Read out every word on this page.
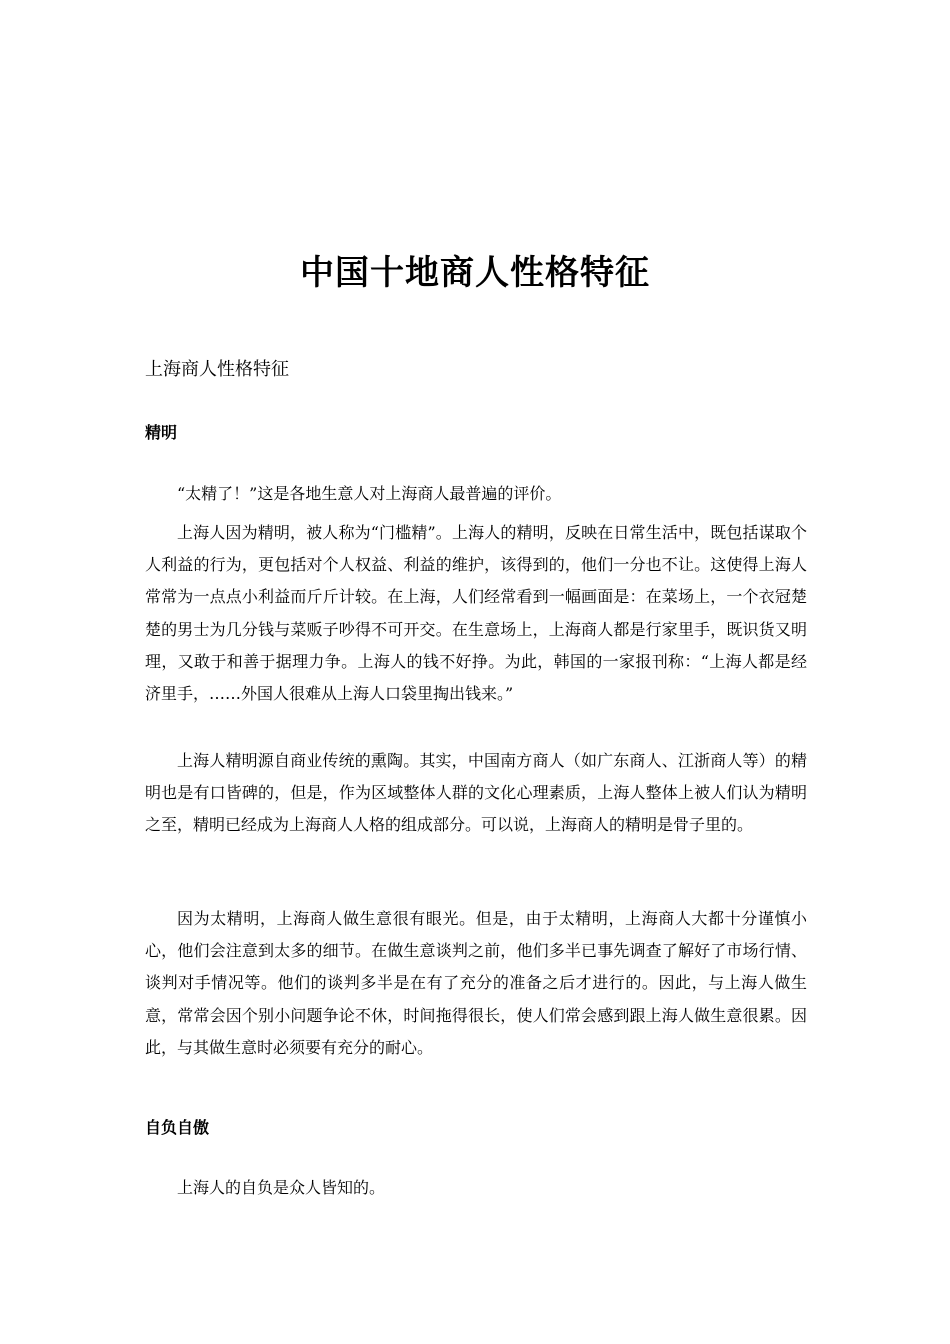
中国十地商人性格特征
上海商人性格特征
精明

“太精了！”这是各地生意人对上海商人最普遍的评价。

上海人因为精明，被人称为“门槛精”。上海人的精明，反映在日常生活中，既包括谋取个人利益的行为，更包括对个人权益、利益的维护，该得到的，他们一分也不让。这使得上海人常常为一点点小利益而斤斤计较。在上海，人们经常看到一幅画面是：在菜场上，一个衣冠楚楚的男士为几分钱与菜贩子吵得不可开交。在生意场上，上海商人都是行家里手，既识货又明理，又敢于和善于据理力争。上海人的钱不好挣。为此，韩国的一家报刊称：“上海人都是经济里手，……外国人很难从上海人口袋里掏出钱来。”

上海人精明源自商业传统的熏陶。其实，中国南方商人（如广东商人、江浙商人等）的精明也是有口皆碑的，但是，作为区域整体人群的文化心理素质，上海人整体上被人们认为精明之至，精明已经成为上海商人人格的组成部分。可以说，上海商人的精明是骨子里的。

因为太精明，上海商人做生意很有眼光。但是，由于太精明，上海商人大都十分谨慎小心，他们会注意到太多的细节。在做生意谈判之前，他们多半已事先调查了解好了市场行情、谈判对手情况等。他们的谈判多半是在有了充分的准备之后才进行的。因此，与上海人做生意，常常会因个别小问题争论不休，时间拖得很长，使人们常会感到跟上海人做生意很累。因此，与其做生意时必须要有充分的耐心。

自负自傲

上海人的自负是众人皆知的。
